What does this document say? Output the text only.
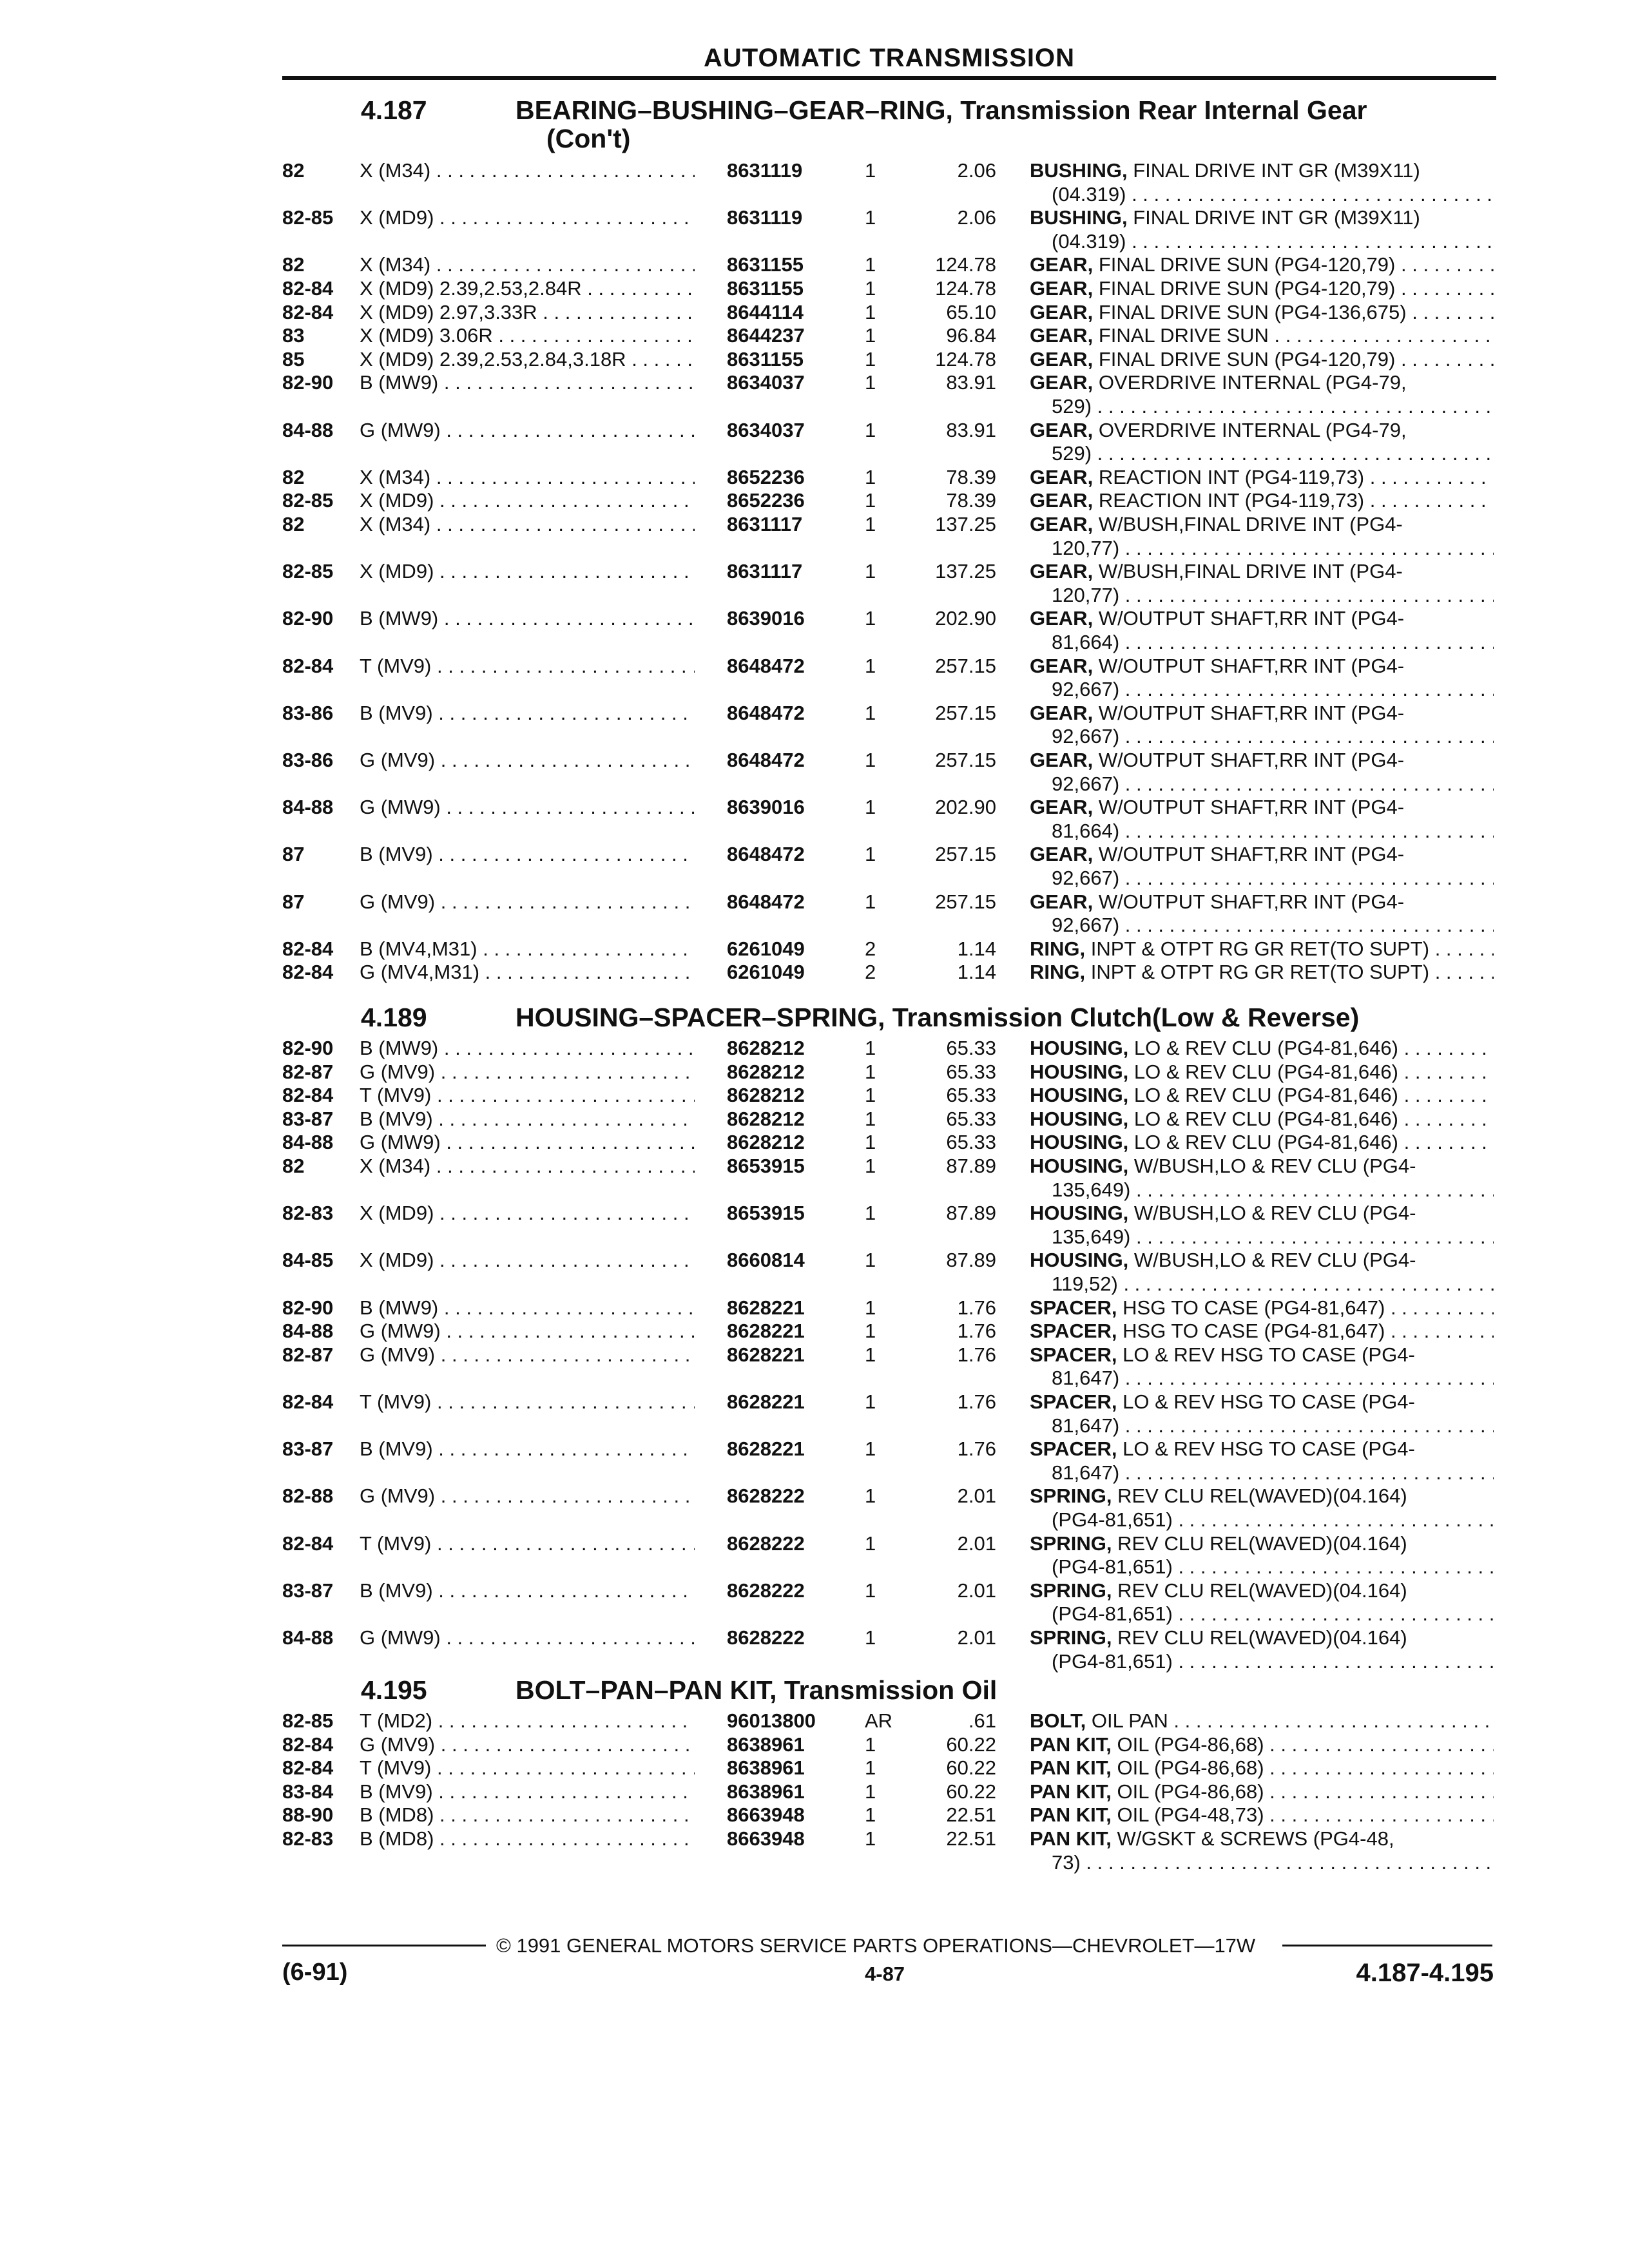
AUTOMATIC TRANSMISSION
4.187	BEARING–BUSHING–GEAR–RING, Transmission Rear Internal Gear
(Con't)
82	X (M34) . . .	8631119	1	2.06 BUSHING, FINAL DRIVE INT GR (M39X11)
(04.319) . . .
82-85 X (MD9) . . .	8631119	1	2.06 BUSHING, FINAL DRIVE INT GR (M39X11)
(04.319) . . .
82	X (M34) . . .	8631155	1	124.78 GEAR, FINAL DRIVE SUN (PG4-120,79) . . .
82-84 X (MD9) 2.39,2.53,2.84R . . .	8631155	1	124.78 GEAR, FINAL DRIVE SUN (PG4-120,79) . . .
82-84 X (MD9) 2.97,3.33R . . .	8644114	1	65.10 GEAR, FINAL DRIVE SUN (PG4-136,675) . . .
83	X (MD9) 3.06R . . .	8644237	1	96.84 GEAR, FINAL DRIVE SUN . . .
85	X (MD9) 2.39,2.53,2.84,3.18R . . .	8631155	1	124.78 GEAR, FINAL DRIVE SUN (PG4-120,79) . . .
82-90 B (MW9) . . .	8634037	1	83.91 GEAR, OVERDRIVE INTERNAL (PG4-79,
529) . . .
84-88 G (MW9) . . .	8634037	1	83.91 GEAR, OVERDRIVE INTERNAL (PG4-79,
529) . . .
82	X (M34) . . .	8652236	1	78.39 GEAR, REACTION INT (PG4-119,73) . . .
82-85 X (MD9) . . .	8652236	1	78.39 GEAR, REACTION INT (PG4-119,73) . . .
82	X (M34) . . .	8631117	1	137.25 GEAR, W/BUSH,FINAL DRIVE INT (PG4-
120,77) . . .
82-85 X (MD9) . . .	8631117	1	137.25 GEAR, W/BUSH,FINAL DRIVE INT (PG4-
120,77) . . .
82-90 B (MW9) . . .	8639016	1	202.90 GEAR, W/OUTPUT SHAFT,RR INT (PG4-
81,664) . . .
82-84 T (MV9) . . .	8648472	1	257.15 GEAR, W/OUTPUT SHAFT,RR INT (PG4-
92,667) . . .
83-86 B (MV9) . . .	8648472	1	257.15 GEAR, W/OUTPUT SHAFT,RR INT (PG4-
92,667) . . .
83-86 G (MV9) . . .	8648472	1	257.15 GEAR, W/OUTPUT SHAFT,RR INT (PG4-
92,667) . . .
84-88 G (MW9) . . .	8639016	1	202.90 GEAR, W/OUTPUT SHAFT,RR INT (PG4-
81,664) . . .
87	B (MV9) . . .	8648472	1	257.15 GEAR, W/OUTPUT SHAFT,RR INT (PG4-
92,667) . . .
87	G (MV9) . . .	8648472	1	257.15 GEAR, W/OUTPUT SHAFT,RR INT (PG4-
92,667) . . .
82-84 B (MV4,M31) . . .	6261049	2	1.14 RING, INPT & OTPT RG GR RET(TO SUPT) . . .
82-84 G (MV4,M31) . . .	6261049	2	1.14 RING, INPT & OTPT RG GR RET(TO SUPT) . . .
4.189	HOUSING–SPACER–SPRING, Transmission Clutch(Low & Reverse)
82-90 B (MW9) . . .	8628212	1	65.33 HOUSING, LO & REV CLU (PG4-81,646) . . .
82-87 G (MV9) . . .	8628212	1	65.33 HOUSING, LO & REV CLU (PG4-81,646) . . .
82-84 T (MV9) . . .	8628212	1	65.33 HOUSING, LO & REV CLU (PG4-81,646) . . .
83-87 B (MV9) . . .	8628212	1	65.33 HOUSING, LO & REV CLU (PG4-81,646) . . .
84-88 G (MW9) . . .	8628212	1	65.33 HOUSING, LO & REV CLU (PG4-81,646) . . .
82	X (M34) . . .	8653915	1	87.89 HOUSING, W/BUSH,LO & REV CLU (PG4-
135,649) . . .
82-83 X (MD9) . . .	8653915	1	87.89 HOUSING, W/BUSH,LO & REV CLU (PG4-
135,649) . . .
84-85 X (MD9) . . .	8660814	1	87.89 HOUSING, W/BUSH,LO & REV CLU (PG4-
119,52) . . .
82-90 B (MW9) . . .	8628221	1	1.76 SPACER, HSG TO CASE (PG4-81,647) . . .
84-88 G (MW9) . . .	8628221	1	1.76 SPACER, HSG TO CASE (PG4-81,647) . . .
82-87 G (MV9) . . .	8628221	1	1.76 SPACER, LO & REV HSG TO CASE (PG4-
81,647) . . .
82-84 T (MV9) . . .	8628221	1	1.76 SPACER, LO & REV HSG TO CASE (PG4-
81,647) . . .
83-87 B (MV9) . . .	8628221	1	1.76 SPACER, LO & REV HSG TO CASE (PG4-
81,647) . . .
82-88 G (MV9) . . .	8628222	1	2.01 SPRING, REV CLU REL(WAVED)(04.164)
(PG4-81,651) . . .
82-84 T (MV9) . . .	8628222	1	2.01 SPRING, REV CLU REL(WAVED)(04.164)
(PG4-81,651) . . .
83-87 B (MV9) . . .	8628222	1	2.01 SPRING, REV CLU REL(WAVED)(04.164)
(PG4-81,651) . . .
84-88 G (MW9) . . .	8628222	1	2.01 SPRING, REV CLU REL(WAVED)(04.164)
(PG4-81,651) . . .
4.195	BOLT–PAN–PAN KIT, Transmission Oil
82-85 T (MD2) . . .	96013800 AR	.61 BOLT, OIL PAN . . .
82-84 G (MV9) . . .	8638961	1	60.22 PAN KIT, OIL (PG4-86,68) . . .
82-84 T (MV9) . . .	8638961	1	60.22 PAN KIT, OIL (PG4-86,68) . . .
83-84 B (MV9) . . .	8638961	1	60.22 PAN KIT, OIL (PG4-86,68) . . .
88-90 B (MD8) . . .	8663948	1	22.51 PAN KIT, OIL (PG4-48,73) . . .
82-83 B (MD8) . . .	8663948	1	22.51 PAN KIT, W/GSKT & SCREWS (PG4-48,
73) . . .
© 1991 GENERAL MOTORS SERVICE PARTS OPERATIONS—CHEVROLET—17W
(6-91)	4-87	4.187-4.195
